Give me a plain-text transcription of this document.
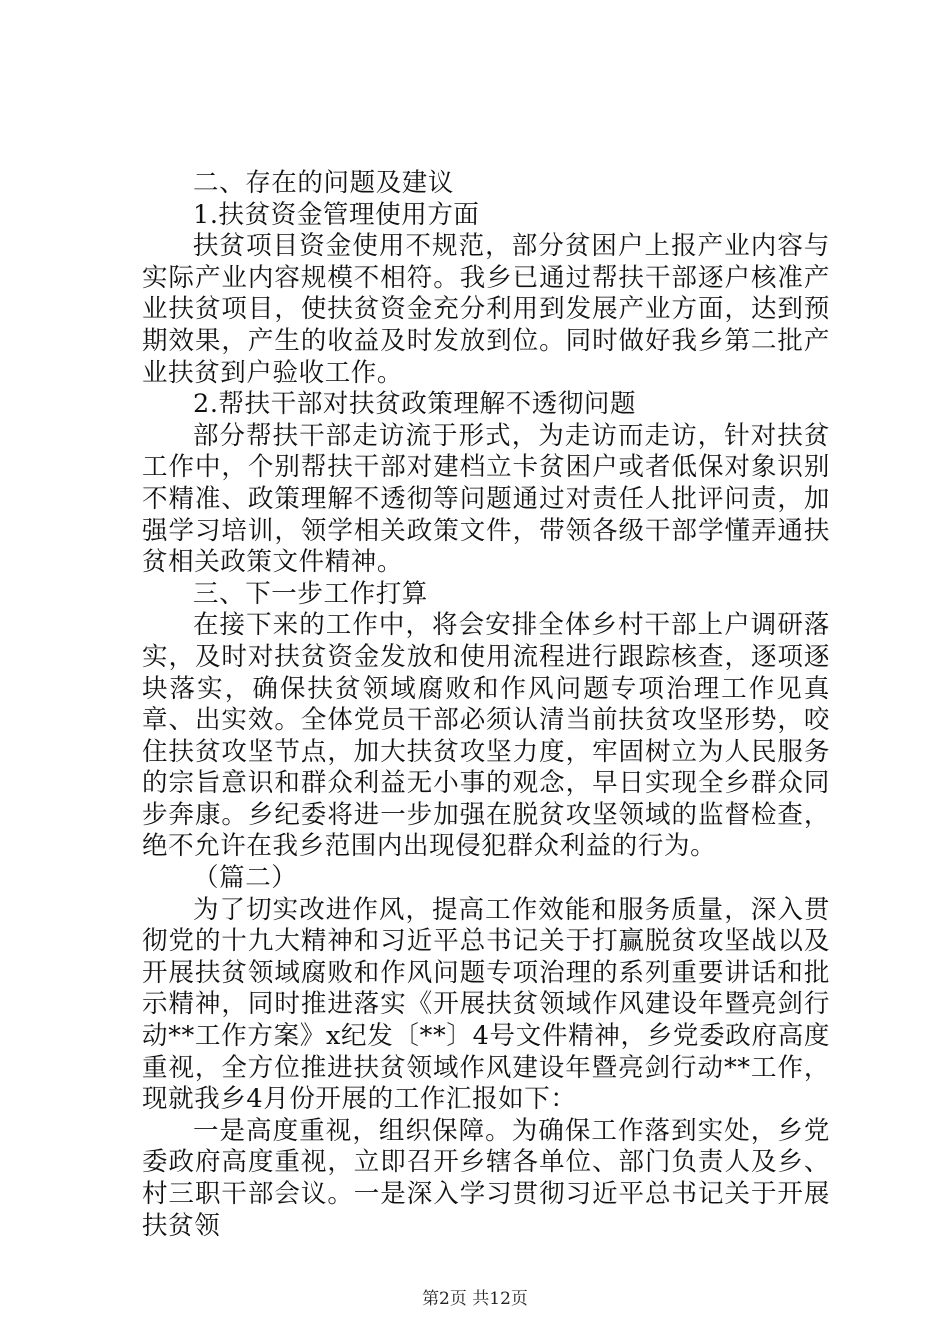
二、存在的问题及建议

1.扶贫资金管理使用方面

扶贫项目资金使用不规范，部分贫困户上报产业内容与实际产业内容规模不相符。我乡已通过帮扶干部逐户核准产业扶贫项目，使扶贫资金充分利用到发展产业方面，达到预期效果，产生的收益及时发放到位。同时做好我乡第二批产业扶贫到户验收工作。

2.帮扶干部对扶贫政策理解不透彻问题

部分帮扶干部走访流于形式，为走访而走访，针对扶贫工作中，个别帮扶干部对建档立卡贫困户或者低保对象识别不精准、政策理解不透彻等问题通过对责任人批评问责，加强学习培训，领学相关政策文件，带领各级干部学懂弄通扶贫相关政策文件精神。

三、下一步工作打算

在接下来的工作中，将会安排全体乡村干部上户调研落实，及时对扶贫资金发放和使用流程进行跟踪核查，逐项逐块落实，确保扶贫领域腐败和作风问题专项治理工作见真章、出实效。全体党员干部必须认清当前扶贫攻坚形势，咬住扶贫攻坚节点，加大扶贫攻坚力度，牢固树立为人民服务的宗旨意识和群众利益无小事的观念，早日实现全乡群众同步奔康。乡纪委将进一步加强在脱贫攻坚领域的监督检查，绝不允许在我乡范围内出现侵犯群众利益的行为。

（篇二）

为了切实改进作风，提高工作效能和服务质量，深入贯彻党的十九大精神和习近平总书记关于打赢脱贫攻坚战以及开展扶贫领域腐败和作风问题专项治理的系列重要讲话和批示精神，同时推进落实《开展扶贫领域作风建设年暨亮剑行动**工作方案》x纪发〔**〕4号文件精神，乡党委政府高度重视，全方位推进扶贫领域作风建设年暨亮剑行动**工作，现就我乡4月份开展的工作汇报如下：

一是高度重视，组织保障。为确保工作落到实处，乡党委政府高度重视，立即召开乡辖各单位、部门负责人及乡、村三职干部会议。一是深入学习贯彻习近平总书记关于开展扶贫领

第2页 共12页
